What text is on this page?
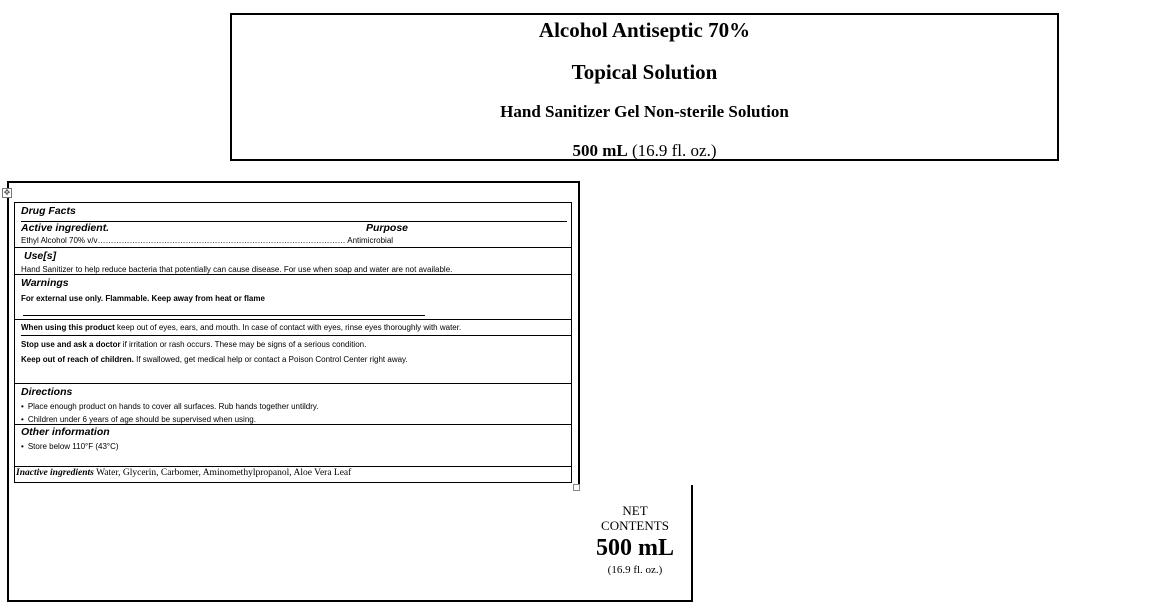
Alcohol Antiseptic 70%
Topical Solution
Hand Sanitizer Gel Non-sterile Solution
500 mL (16.9 fl. oz.)
✥
Drug Facts
Active ingredient.	Purpose
Ethyl Alcohol 70% v/v………………………………………………………………………………… Antimicrobial
Use[s]
Hand Sanitizer to help reduce bacteria that potentially can cause disease. For use when soap and water are not available.
Warnings
For external use only. Flammable. Keep away from heat or flame
When using this product keep out of eyes, ears, and mouth. In case of contact with eyes, rinse eyes thoroughly with water.
Stop use and ask a doctor if irritation or rash occurs. These may be signs of a serious condition.
Keep out of reach of children. If swallowed, get medical help or contact a Poison Control Center right away.
Directions
• Place enough product on hands to cover all surfaces. Rub hands together untildry.
• Children under 6 years of age should be supervised when using.
Other information
• Store below 110°F (43°C)
Inactive ingredients Water, Glycerin, Carbomer, Aminomethylpropanol, Aloe Vera Leaf
NET
CONTENTS
500 mL
(16.9 fl. oz.)
